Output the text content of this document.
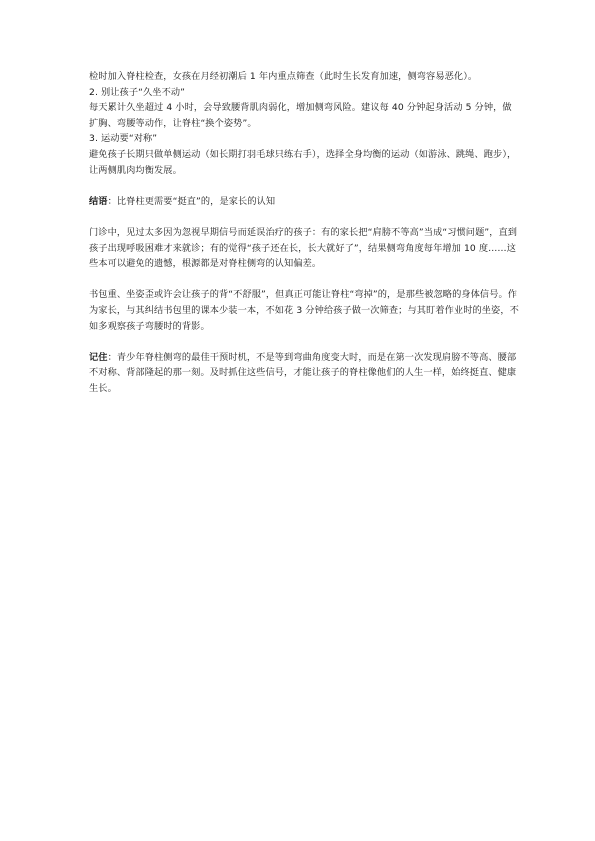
检时加入脊柱检查，女孩在月经初潮后 1 年内重点筛查（此时生长发育加速，侧弯容易恶化）。

2. 别让孩子“久坐不动”

每天累计久坐超过 4 小时，会导致腰背肌肉弱化，增加侧弯风险。建议每 40 分钟起身活动 5 分钟，做扩胸、弯腰等动作，让脊柱“换个姿势”。

3. 运动要“对称”

避免孩子长期只做单侧运动（如长期打羽毛球只练右手），选择全身均衡的运动（如游泳、跳绳、跑步），让两侧肌肉均衡发展。

结语：比脊柱更需要“挺直”的，是家长的认知

门诊中，见过太多因为忽视早期信号而延误治疗的孩子：有的家长把“肩膀不等高”当成“习惯问题”，直到孩子出现呼吸困难才来就诊；有的觉得“孩子还在长，长大就好了”，结果侧弯角度每年增加 10 度……这些本可以避免的遗憾，根源都是对脊柱侧弯的认知偏差。

书包重、坐姿歪或许会让孩子的背“不舒服”，但真正可能让脊柱“弯掉”的，是那些被忽略的身体信号。作为家长，与其纠结书包里的课本少装一本，不如花 3 分钟给孩子做一次筛查；与其盯着作业时的坐姿，不如多观察孩子弯腰时的背影。

记住：青少年脊柱侧弯的最佳干预时机，不是等到弯曲角度变大时，而是在第一次发现肩膀不等高、腰部不对称、背部隆起的那一刻。及时抓住这些信号，才能让孩子的脊柱像他们的人生一样，始终挺直、健康生长。
